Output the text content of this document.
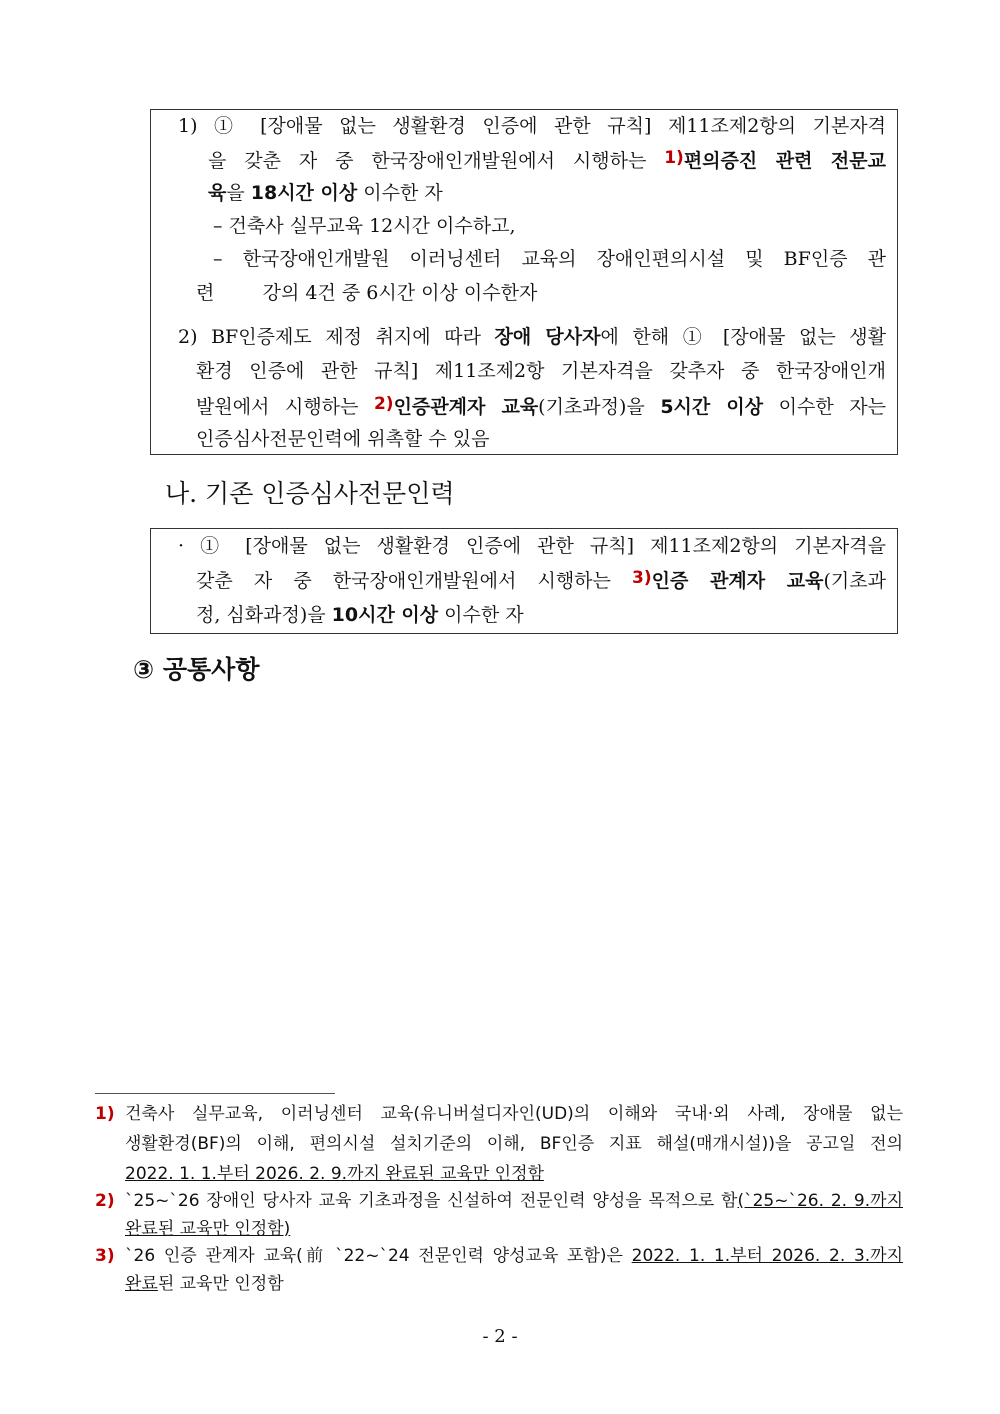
1) ① [장애물 없는 생활환경 인증에 관한 규칙] 제11조제2항의 기본자격
을 갖춘 자 중 한국장애인개발원에서 시행하는 1)편의증진 관련 전문교
육을 18시간 이상 이수한 자
– 건축사 실무교육 12시간 이수하고,
– 한국장애인개발원 이러닝센터 교육의 장애인편의시설 및 BF인증 관
련        강의 4건 중 6시간 이상 이수한자
2) BF인증제도 제정 취지에 따라 장애 당사자에 한해 ① [장애물 없는 생활
환경 인증에 관한 규칙] 제11조제2항 기본자격을 갖추자 중 한국장애인개
발원에서 시행하는 2)인증관계자 교육(기초과정)을 5시간 이상 이수한 자는
인증심사전문인력에 위촉할 수 있음
나. 기존 인증심사전문인력
· ① [장애물 없는 생활환경 인증에 관한 규칙] 제11조제2항의 기본자격을
갖춘 자 중 한국장애인개발원에서 시행하는 3)인증 관계자 교육(기초과
정, 심화과정)을 10시간 이상 이수한 자
③ 공통사항
1) 건축사 실무교육, 이러닝센터 교육(유니버설디자인(UD)의 이해와 국내·외 사례, 장애물 없는
생활환경(BF)의 이해, 편의시설 설치기준의 이해, BF인증 지표 해설(매개시설))을 공고일 전의
2022. 1. 1.부터 2026. 2. 9.까지 완료된 교육만 인정함
2) `25~`26 장애인 당사자 교육 기초과정을 신설하여 전문인력 양성을 목적으로 함(`25~`26. 2. 9.까지
완료된 교육만 인정함)
3) `26 인증 관계자 교육(前 `22~`24 전문인력 양성교육 포함)은 2022. 1. 1.부터 2026. 2. 3.까지
완료된 교육만 인정함
- 2 -
